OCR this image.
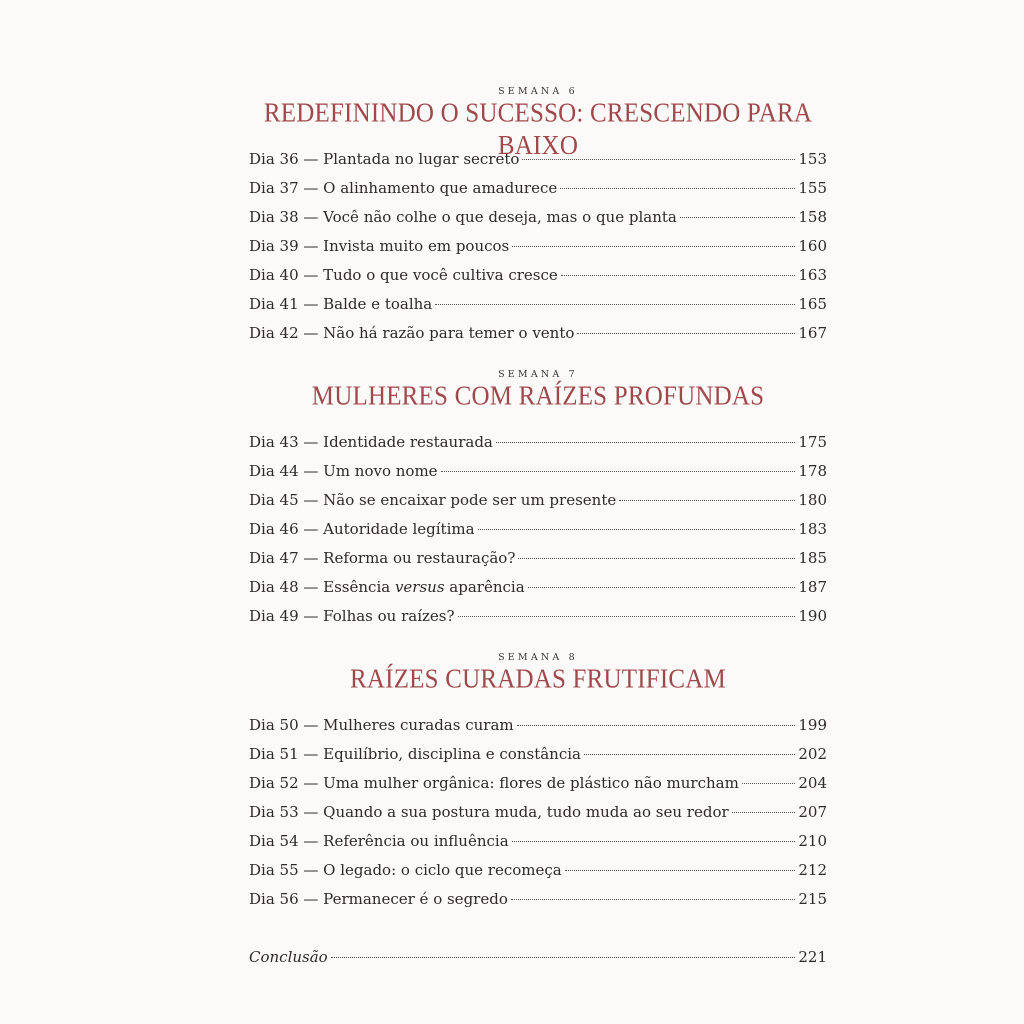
SEMANA 6
REDEFININDO O SUCESSO: CRESCENDO PARA BAIXO
Dia 36 — Plantada no lugar secreto	153
Dia 37 — O alinhamento que amadurece	155
Dia 38 — Você não colhe o que deseja, mas o que planta	158
Dia 39 — Invista muito em poucos	160
Dia 40 — Tudo o que você cultiva cresce	163
Dia 41 — Balde e toalha	165
Dia 42 — Não há razão para temer o vento	167
SEMANA 7
MULHERES COM RAÍZES PROFUNDAS
Dia 43 — Identidade restaurada	175
Dia 44 — Um novo nome	178
Dia 45 — Não se encaixar pode ser um presente	180
Dia 46 — Autoridade legítima	183
Dia 47 — Reforma ou restauração?	185
Dia 48 — Essência versus aparência	187
Dia 49 — Folhas ou raízes?	190
SEMANA 8
RAÍZES CURADAS FRUTIFICAM
Dia 50 — Mulheres curadas curam	199
Dia 51 — Equilíbrio, disciplina e constância	202
Dia 52 — Uma mulher orgânica: flores de plástico não murcham	204
Dia 53 — Quando a sua postura muda, tudo muda ao seu redor	207
Dia 54 — Referência ou influência	210
Dia 55 — O legado: o ciclo que recomeça	212
Dia 56 — Permanecer é o segredo	215
Conclusão	221
